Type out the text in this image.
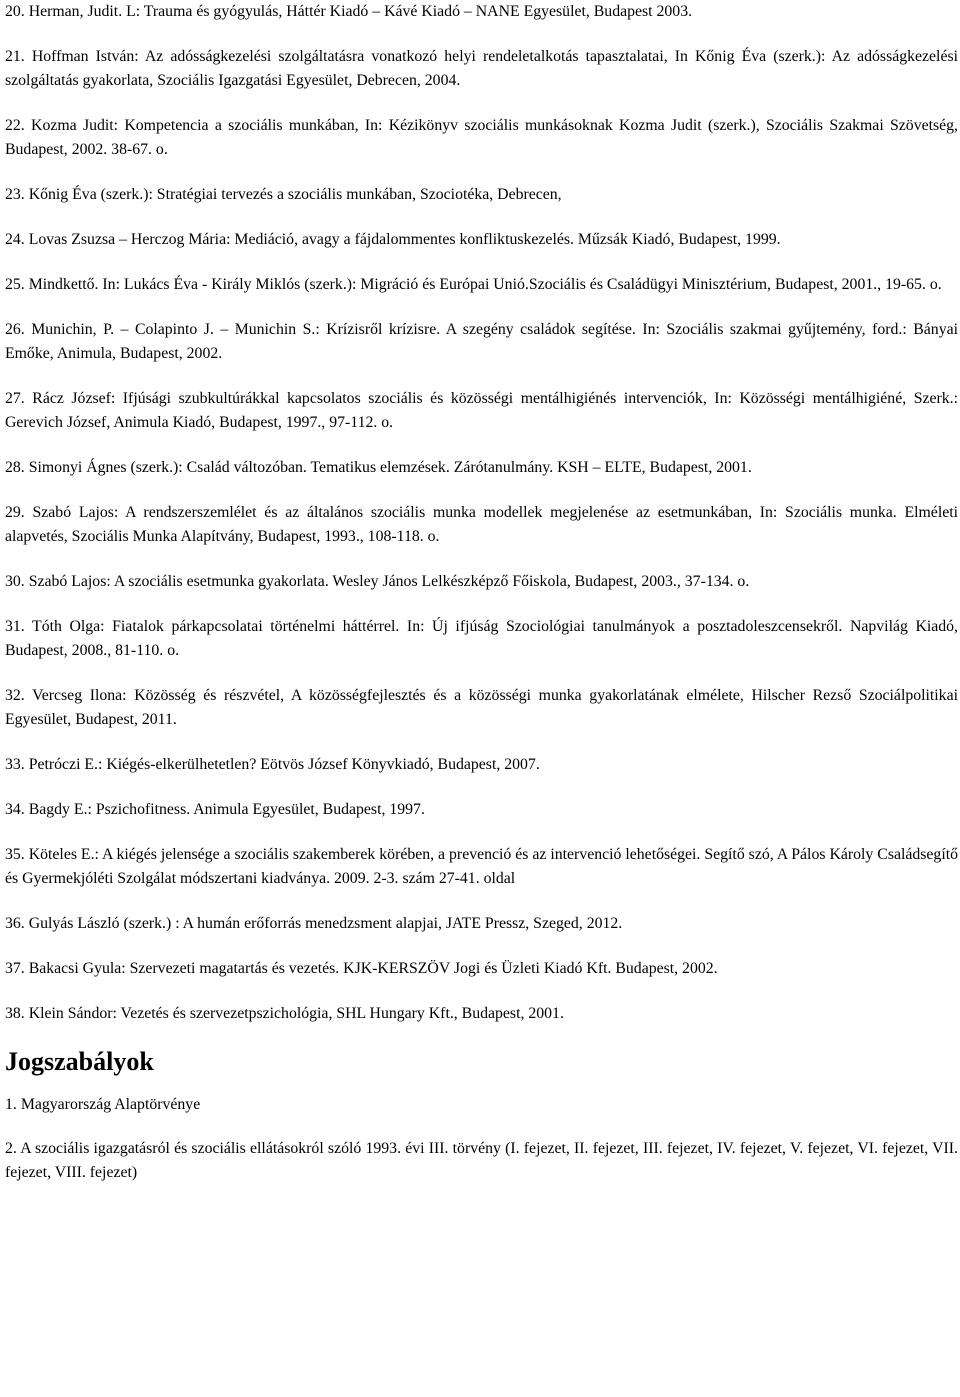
20. Herman, Judit. L: Trauma és gyógyulás, Háttér Kiadó – Kávé Kiadó – NANE Egyesület, Budapest 2003.
21. Hoffman István: Az adósságkezelési szolgáltatásra vonatkozó helyi rendeletalkotás tapasztalatai, In Kőnig Éva (szerk.): Az adósságkezelési szolgáltatás gyakorlata, Szociális Igazgatási Egyesület, Debrecen, 2004.
22. Kozma Judit: Kompetencia a szociális munkában, In: Kézikönyv szociális munkásoknak Kozma Judit (szerk.), Szociális Szakmai Szövetség, Budapest, 2002. 38-67. o.
23. Kőnig Éva (szerk.): Stratégiai tervezés a szociális munkában, Szociotéka, Debrecen,
24. Lovas Zsuzsa – Herczog Mária: Mediáció, avagy a fájdalommentes konfliktuskezelés. Műzsák Kiadó, Budapest, 1999.
25. Mindkettő. In: Lukács Éva - Király Miklós (szerk.): Migráció és Európai Unió.Szociális és Családügyi Minisztérium, Budapest, 2001., 19-65. o.
26. Munichin, P. – Colapinto J. – Munichin S.: Krízisről krízisre. A szegény családok segítése. In: Szociális szakmai gyűjtemény, ford.: Bányai Emőke, Animula, Budapest, 2002.
27. Rácz József: Ifjúsági szubkultúrákkal kapcsolatos szociális és közösségi mentálhigiénés intervenciók, In: Közösségi mentálhigiéné, Szerk.: Gerevich József, Animula Kiadó, Budapest, 1997., 97-112. o.
28. Simonyi Ágnes (szerk.): Család változóban. Tematikus elemzések. Zárótanulmány. KSH – ELTE, Budapest, 2001.
29. Szabó Lajos: A rendszerszemlélet és az általános szociális munka modellek megjelenése az esetmunkában, In: Szociális munka. Elméleti alapvetés, Szociális Munka Alapítvány, Budapest, 1993., 108-118. o.
30. Szabó Lajos: A szociális esetmunka gyakorlata. Wesley János Lelkészképző Főiskola, Budapest, 2003., 37-134. o.
31. Tóth Olga: Fiatalok párkapcsolatai történelmi háttérrel. In: Új ifjúság Szociológiai tanulmányok a posztadoleszcensekről. Napvilág Kiadó, Budapest, 2008., 81-110. o.
32. Vercseg Ilona: Közösség és részvétel, A közösségfejlesztés és a közösségi munka gyakorlatának elmélete, Hilscher Rezső Szociálpolitikai Egyesület, Budapest, 2011.
33. Petróczi E.: Kiégés-elkerülhetetlen? Eötvös József Könyvkiadó, Budapest, 2007.
34. Bagdy E.: Pszichofitness. Animula Egyesület, Budapest, 1997.
35. Köteles E.: A kiégés jelensége a szociális szakemberek körében, a prevenció és az intervenció lehetőségei. Segítő szó, A Pálos Károly Családsegítő és Gyermekjóléti Szolgálat módszertani kiadványa. 2009. 2-3. szám 27-41. oldal
36. Gulyás László (szerk.) : A humán erőforrás menedzsment alapjai, JATE Pressz, Szeged, 2012.
37. Bakacsi Gyula: Szervezeti magatartás és vezetés. KJK-KERSZÖV Jogi és Üzleti Kiadó Kft. Budapest, 2002.
38. Klein Sándor: Vezetés és szervezetpszichológia, SHL Hungary Kft., Budapest, 2001.
Jogszabályok
1. Magyarország Alaptörvénye
2. A szociális igazgatásról és szociális ellátásokról szóló 1993. évi III. törvény (I. fejezet, II. fejezet, III. fejezet, IV. fejezet, V. fejezet, VI. fejezet, VII. fejezet, VIII. fejezet)
